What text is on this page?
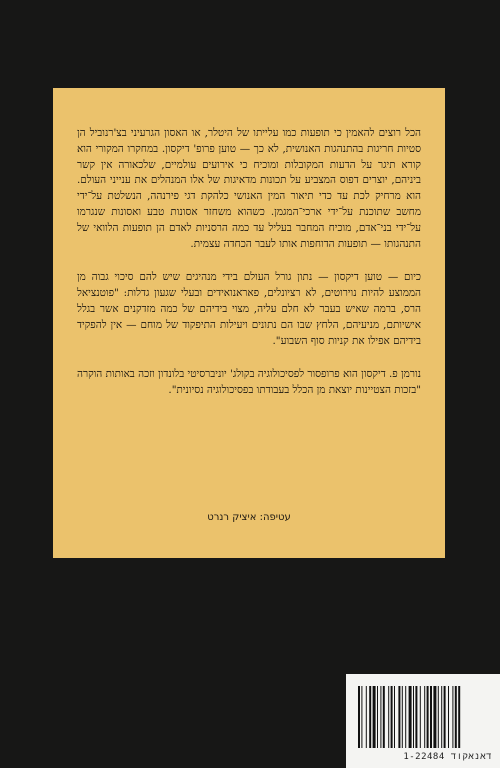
הכל רוצים להאמין כי תופעות כמו עלייתו של היטלר, או האסון הגרעיני בצ'רנוביל הן סטיות חריגות בהתנהגות האנושית, לא כך — טוען פרופ' דיקסון. במחקרו המקורי הוא קורא תיגר על הדעות המקובלות ומוכיח כי אירועים עולמיים, שלכאורה אין קשר ביניהם, יוצרים דפוס המצביע על תכונות מדאיגות של אלו המנהלים את ענייני העולם. הוא מרחיק לכת עד כדי תיאור המין האנושי כלהקת דגי פירנהה, הנשלטת על־ידי מחשב שתוכנת על־ידי ארכי־המגמן. כשהוא משחזר אסונות טבע ואסונות שנגרמו על־ידי בני־אדם, מוכיח המחבר בעליל עד כמה הרסניות לאדם הן תופעות הלוואי של התנהגותו — תופעות הדוחפות אותו לעבר הכחדה עצמית.

כיום — טוען דיקסון — נתון גורל העולם בידי מנהיגים שיש להם סיכוי גבוה מן הממוצע להיות נוירוטים, לא רציונלים, פאראנואידים ובעלי שגעון גדלות: "פוטנציאל הרס, ברמה שאיש בעבר לא חלם עליה, מצוי בידיהם של כמה מזדקנים אשר בגלל אישיותם, מניעיהם, הלחץ שבו הם נתונים ויעילות התיפקוד של מוחם — אין להפקיד בידיהם אפילו את קניות סוף השבוע".

נורמן פ. דיקסון הוא פרופסור לפסיכולוגיה בקולג' יוניברסיטי בלונדון וזכה באותות הוקרה "בזכות הצטיינות יוצאת מן הכלל בעבודתו בפסיכולוגיה נסיונית".

עטיפה: איציק רנרט
1-22484 דאנאקוד
